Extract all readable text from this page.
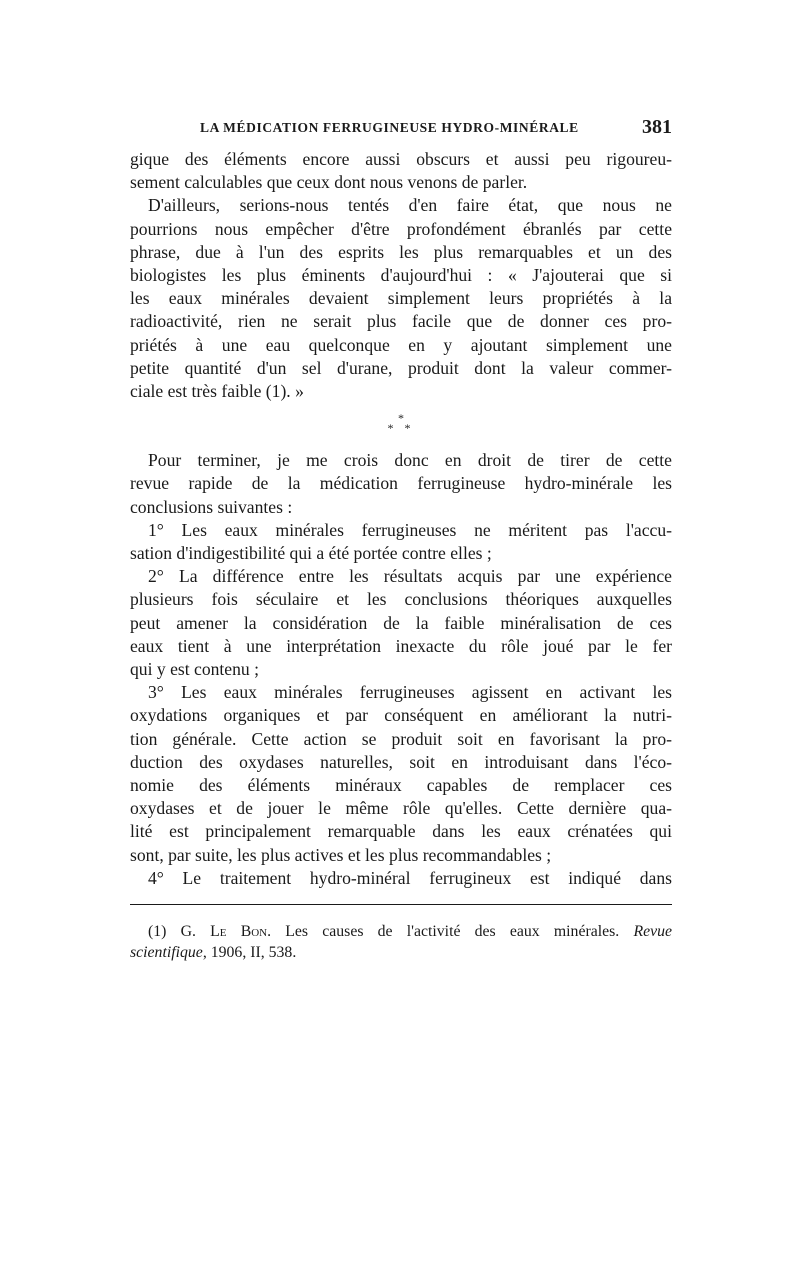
LA MÉDICATION FERRUGINEUSE HYDRO-MINÉRALE	381
gique des éléments encore aussi obscurs et aussi peu rigoureu-
sement calculables que ceux dont nous venons de parler.
D'ailleurs, serions-nous tentés d'en faire état, que nous ne
pourrions nous empêcher d'être profondément ébranlés par cette
phrase, due à l'un des esprits les plus remarquables et un des
biologistes les plus éminents d'aujourd'hui : « J'ajouterai que si
les eaux minérales devaient simplement leurs propriétés à la
radioactivité, rien ne serait plus facile que de donner ces pro-
priétés à une eau quelconque en y ajoutant simplement une
petite quantité d'un sel d'urane, produit dont la valeur commer-
ciale est très faible (1). »
*
* *
Pour terminer, je me crois donc en droit de tirer de cette
revue rapide de la médication ferrugineuse hydro-minérale les
conclusions suivantes :
1° Les eaux minérales ferrugineuses ne méritent pas l'accu-
sation d'indigestibilité qui a été portée contre elles ;
2° La différence entre les résultats acquis par une expérience
plusieurs fois séculaire et les conclusions théoriques auxquelles
peut amener la considération de la faible minéralisation de ces
eaux tient à une interprétation inexacte du rôle joué par le fer
qui y est contenu ;
3° Les eaux minérales ferrugineuses agissent en activant les
oxydations organiques et par conséquent en améliorant la nutri-
tion générale. Cette action se produit soit en favorisant la pro-
duction des oxydases naturelles, soit en introduisant dans l'éco-
nomie des éléments minéraux capables de remplacer ces
oxydases et de jouer le même rôle qu'elles. Cette dernière qua-
lité est principalement remarquable dans les eaux crénatées qui
sont, par suite, les plus actives et les plus recommandables ;
4° Le traitement hydro-minéral ferrugineux est indiqué dans
(1) G. Le Bon. Les causes de l'activité des eaux minérales. Revue
scientifique, 1906, II, 538.
